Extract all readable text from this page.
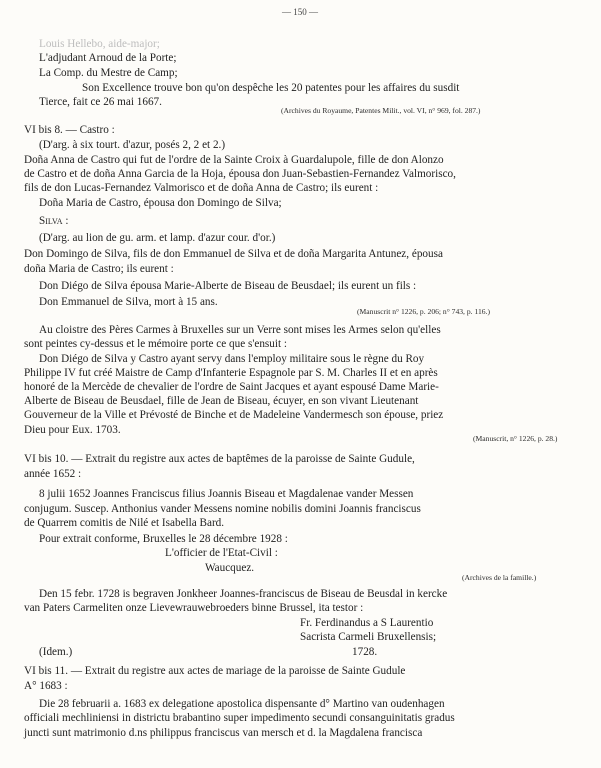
— 150 —
Louis Hellebo, aide-major;
L'adjudant Arnoud de la Porte;
La Comp. du Mestre de Camp;
Son Excellence trouve bon qu'on despêche les 20 patentes pour les affaires du susdit
Tierce, fait ce 26 mai 1667.
(Archives du Royaume, Patentes Milit., vol. VI, n° 969, fol. 287.)
VI bis 8. — Castro :
(D'arg. à six tourt. d'azur, posés 2, 2 et 2.)
Doña Anna de Castro qui fut de l'ordre de la Sainte Croix à Guardalupole, fille de don Alonzo
de Castro et de doña Anna Garcia de la Hoja, épousa don Juan-Sebastien-Fernandez Valmorisco,
fils de don Lucas-Fernandez Valmorisco et de doña Anna de Castro; ils eurent :
Doña Maria de Castro, épousa don Domingo de Silva;
Silva :
(D'arg. au lion de gu. arm. et lamp. d'azur cour. d'or.)
Don Domingo de Silva, fils de don Emmanuel de Silva et de doña Margarita Antunez, épousa
doña Maria de Castro; ils eurent :
Don Diégo de Silva épousa Marie-Alberte de Biseau de Beusdael; ils eurent un fils :
Don Emmanuel de Silva, mort à 15 ans.
(Manuscrit n° 1226, p. 206; n° 743, p. 116.)
Au cloistre des Pères Carmes à Bruxelles sur un Verre sont mises les Armes selon qu'elles
sont peintes cy-dessus et le mémoire porte ce que s'ensuit :
Don Diégo de Silva y Castro ayant servy dans l'employ militaire sous le règne du Roy
Philippe IV fut créé Maistre de Camp d'Infanterie Espagnole par S. M. Charles II et en après
honoré de la Mercède de chevalier de l'ordre de Saint Jacques et ayant espousé Dame Marie-
Alberte de Biseau de Beusdael, fille de Jean de Biseau, écuyer, en son vivant Lieutenant
Gouverneur de la Ville et Prévosté de Binche et de Madeleine Vandermesch son épouse, priez
Dieu pour Eux. 1703.
(Manuscrit, n° 1226, p. 28.)
VI bis 10. — Extrait du registre aux actes de baptêmes de la paroisse de Sainte Gudule,
année 1652 :
8 julii 1652 Joannes Franciscus filius Joannis Biseau et Magdalenae vander Messen
conjugum. Suscep. Anthonius vander Messens nomine nobilis domini Joannis franciscus
de Quarrem comitis de Nilé et Isabella Bard.
Pour extrait conforme, Bruxelles le 28 décembre 1928 :
L'officier de l'Etat-Civil :
Waucquez.
(Archives de la famille.)
Den 15 febr. 1728 is begraven Jonkheer Joannes-franciscus de Biseau de Beusdal in kercke
van Paters Carmeliten onze Lievewrauwebroeders binne Brussel, ita testor :
Fr. Ferdinandus a S Laurentio
Sacrista Carmeli Bruxellensis;
1728.
(Idem.)
VI bis 11. — Extrait du registre aux actes de mariage de la paroisse de Sainte Gudule
A° 1683 :
Die 28 februarii a. 1683 ex delegatione apostolica dispensante d° Martino van oudenhagen
officiali mechliniensi in districtu brabantino super impedimento secundi consanguinitatis gradus
juncti sunt matrimonio d.ns philippus franciscus van mersch et d. la Magdalena francisca
